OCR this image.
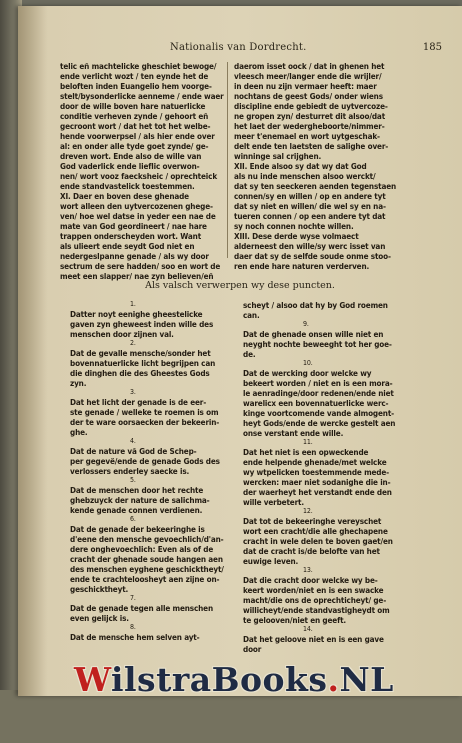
Nationalis van Dordrecht.	185

telic eñ machtelicke gheschiet bewoge/

ende verlicht wozt / ten eynde het de

beloften inden Euangelio hem voorge-

stelt/bysonderlicke aenneme / ende waer

door de wille boven hare natuerlicke

conditie verheven zynde / gehoort eñ

gecroont wort / dat het tot het welbe-

hende voorwerpsel / als hier ende over

al: en onder alle tyde goet zynde/ ge-

dreven wort. Ende also de wille van

God vaderlick ende lieflic overwon-

nen/ wort vooz faecksheic / oprechteick

ende standvastelick toestemmen.

XI. Daer en boven dese ghenade

wort alleen den uytvercozenen ghege-

ven/ hoe wel datse in yeder een nae de

mate van God geordineert / nae hare

trappen onderscheyden wort. Want

als ulieert ende seydt God niet en

nedergeslpanne genade / als wy door

sectrum de sere hadden/ soo en wort de

meet een slapper/ nae zyn believen/eñ

daerom isset oock / dat in ghenen het

vleesch meer/langer ende die wrijler/

in deen nu zijn vermaer heeft: maer

nochtans de geest Gods/ onder wiens

discipline ende gebiedt de uytvercoze-

ne gropen zyn/ desturret dit alsoo/dat

het laet der wedergheboorte/nimmer-

meer t'enemael en wort uytgeschak-

delt ende ten laetsten de salighe over-

winninge sal crijghen.

XII. Ende alsoo sy dat wy dat God

als nu inde menschen alsoo werckt/

dat sy ten seeckeren aenden tegenstaen

connen/sy en willen / op en andere tyt

dat sy niet en willen/ die wel sy en na-

tueren connen / op een andere tyt dat

sy noch connen nochte willen.

XIII. Dese derde wyse volmaect

alderneest den wille/sy werc isset van

daer dat sy de selfde soude onme stoo-

ren ende hare naturen verderven.

Als valsch verwerpen wy dese puncten.

1.

Datter noyt eenighe gheestelicke

gaven zyn gheweest inden wille des

menschen door zijnen val.

2.

Dat de gevalle mensche/sonder het

bovennatuerlicke licht begrijpen can

die dinghen die des Gheestes Gods

zyn.

3.

Dat het licht der genade is de eer-

ste genade / welleke te roemen is om

der te ware oorsaecken der bekeerin-

ghe.

4.

Dat de nature vã God de Schep-

per gegevë/ende de genade Gods des

verlossers enderley saecke is.

5.

Dat de menschen door het rechte

ghebzuyck der nature de salichma-

kende genade connen verdienen.

6.

Dat de genade der bekeeringhe is

d'eene den mensche gevoechlich/d'an-

dere onghevoechlich: Even als of de

cracht der ghenade soude hangen aen

des menschen eyghene geschicktheyt/

ende te crachteloosheyt aen zijne on-

geschicktheyt.

7.

Dat de genade tegen alle menschen

even gelijck is.

8.

Dat de mensche hem selven ayt-

scheyt / alsoo dat hy by God roemen

can.

9.

Dat de ghenade onsen wille niet en

neyght nochte beweeght tot her goe-

de.

10.

Dat de wercking door welcke wy

bekeert worden / niet en is een mora-

le aenradinge/door redenen/ende niet

warelicx een bovennatuerlicke werc-

kinge voortcomende vande almogent-

heyt Gods/ende de wercke gestelt aen

onse verstant ende wille.

11.

Dat het niet is een opweckende

ende helpende ghenade/met welcke

wy wtpelicken toestemmende mede-

wercken: maer niet sodanighe die in-

der waerheyt het verstandt ende den

wille verbetert.

12.

Dat tot de bekeeringhe vereyschet

wort een cracht/die alle ghechapene

cracht in wele delen te boven gaet/en

dat de cracht is/de belofte van het

euwige leven.

13.

Dat die cracht door welcke wy be-

keert worden/niet en is een swacke

macht/die ons de oprechticheyt/ ge-

willicheyt/ende standvastigheydt om

te gelooven/niet en geeft.

14.

Dat het geloove niet en is een gave

door

WilstraBooks.NL
